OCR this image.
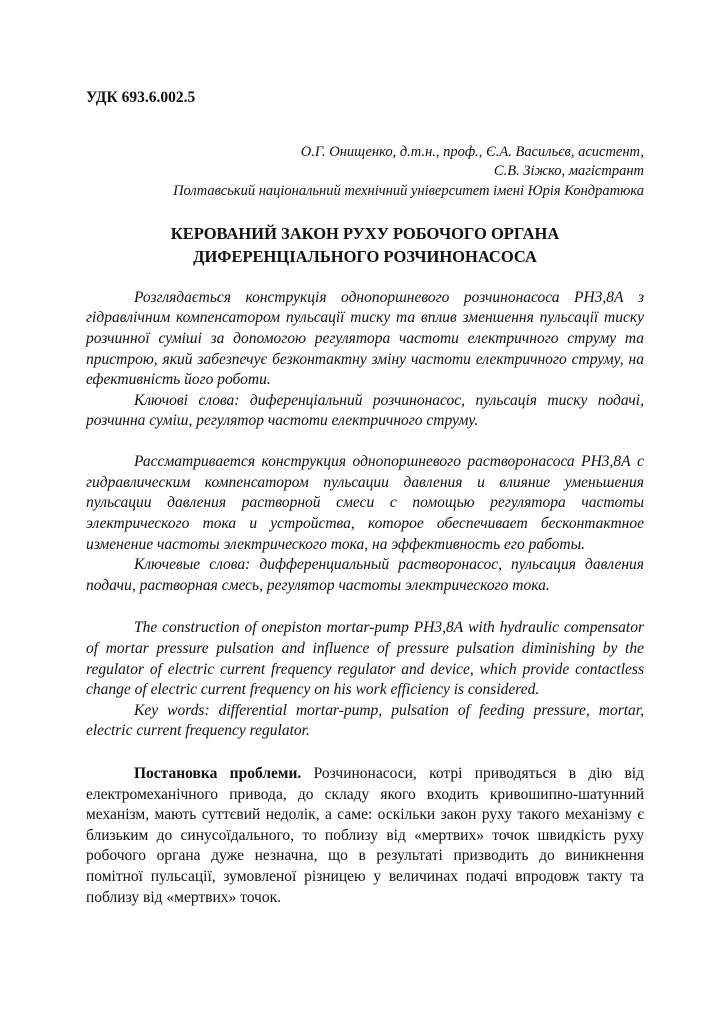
УДК 693.6.002.5

О.Г. Онищенко, д.т.н., проф., Є.А. Васильєв, асистент,
С.В. Зіжко, магістрант
Полтавський національний технічний університет імені Юрія Кондратюка
КЕРОВАНИЙ ЗАКОН РУХУ РОБОЧОГО ОРГАНА
ДИФЕРЕНЦІАЛЬНОГО РОЗЧИНОНАСОСА

Розглядається конструкція однопоршневого розчинонасоса РН3,8А з гідравлічним компенсатором пульсації тиску та вплив зменшення пульсації тиску розчинної суміші за допомогою регулятора частоти електричного струму та пристрою, який забезпечує безконтактну зміну частоти електричного струму, на ефективність його роботи.

Ключові слова: диференціальний розчинонасос, пульсація тиску подачі, розчинна суміш, регулятор частоти електричного струму.

Рассматривается конструкция однопоршневого растворонасоса РН3,8А с гидравлическим компенсатором пульсации давления и влияние уменьшения пульсации давления растворной смеси с помощью регулятора частоты электрического тока и устройства, которое обеспечивает бесконтактное изменение частоты электрического тока, на эффективность его работы.

Ключевые слова: дифференциальный растворонасос, пульсация давления подачи, растворная смесь, регулятор частоты электрического тока.

The construction of onepiston mortar-pump РН3,8А with hydraulic compensator of mortar pressure pulsation and influence of pressure pulsation diminishing by the regulator of electric current frequency regulator and device, which provide contactless change of electric current frequency on his work efficiency is considered.

Key words: differential mortar-pump, pulsation of feeding pressure, mortar, electric current frequency regulator.

Постановка проблеми. Розчинонасоси, котрі приводяться в дію від електромеханічного привода, до складу якого входить кривошипно-шатунний механізм, мають суттєвий недолік, а саме: оскільки закон руху такого механізму є близьким до синусоїдального, то поблизу від «мертвих» точок швидкість руху робочого органа дуже незначна, що в результаті призводить до виникнення помітної пульсації, зумовленої різницею у величинах подачі впродовж такту та поблизу від «мертвих» точок.
